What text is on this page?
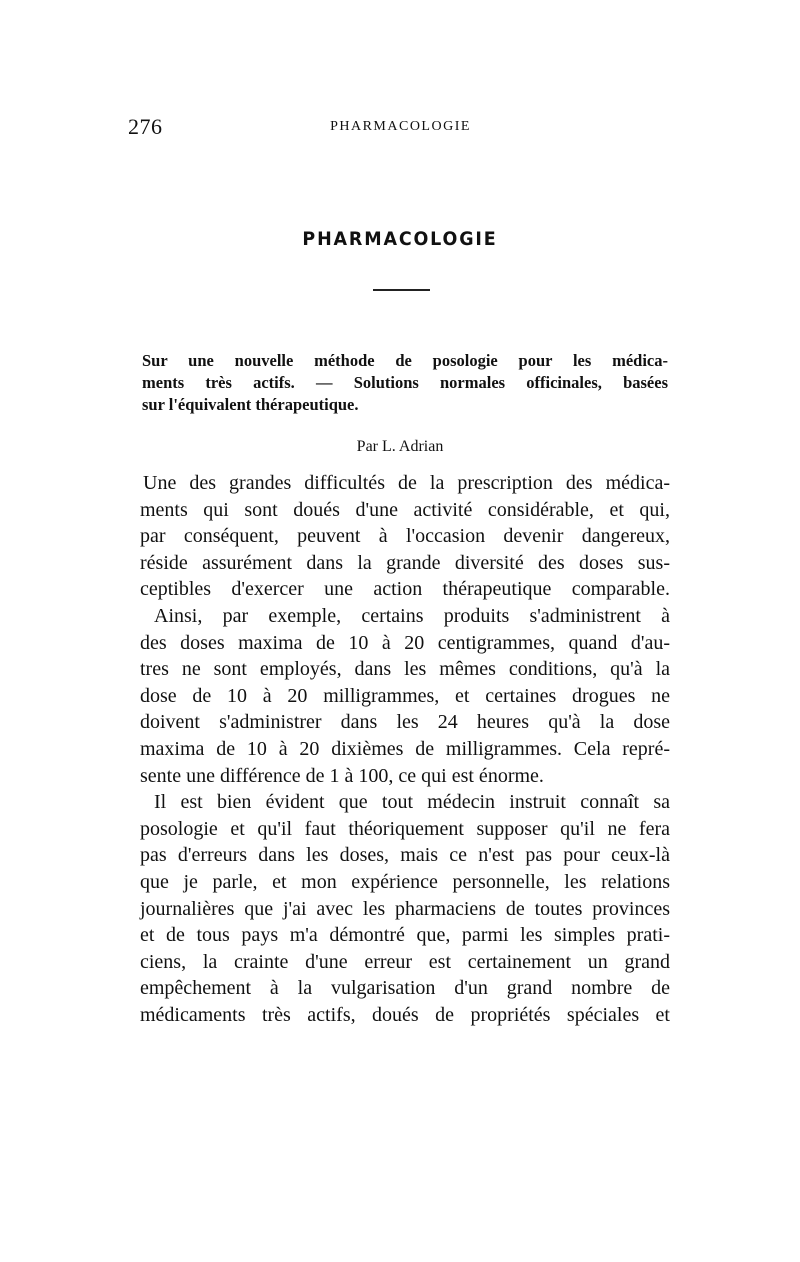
276	PHARMACOLOGIE
PHARMACOLOGIE
Sur une nouvelle méthode de posologie pour les médica-
ments très actifs. — Solutions normales officinales, basées
sur l'équivalent thérapeutique.
Par L. Adrian
Une des grandes difficultés de la prescription des médica-
ments qui sont doués d'une activité considérable, et qui,
par conséquent, peuvent à l'occasion devenir dangereux,
réside assurément dans la grande diversité des doses sus-
ceptibles d'exercer une action thérapeutique comparable.
Ainsi, par exemple, certains produits s'administrent à
des doses maxima de 10 à 20 centigrammes, quand d'au-
tres ne sont employés, dans les mêmes conditions, qu'à la
dose de 10 à 20 milligrammes, et certaines drogues ne
doivent s'administrer dans les 24 heures qu'à la dose
maxima de 10 à 20 dixièmes de milligrammes. Cela repré-
sente une différence de 1 à 100, ce qui est énorme.
Il est bien évident que tout médecin instruit connaît sa
posologie et qu'il faut théoriquement supposer qu'il ne fera
pas d'erreurs dans les doses, mais ce n'est pas pour ceux-là
que je parle, et mon expérience personnelle, les relations
journalières que j'ai avec les pharmaciens de toutes provinces
et de tous pays m'a démontré que, parmi les simples prati-
ciens, la crainte d'une erreur est certainement un grand
empêchement à la vulgarisation d'un grand nombre de
médicaments très actifs, doués de propriétés spéciales et
